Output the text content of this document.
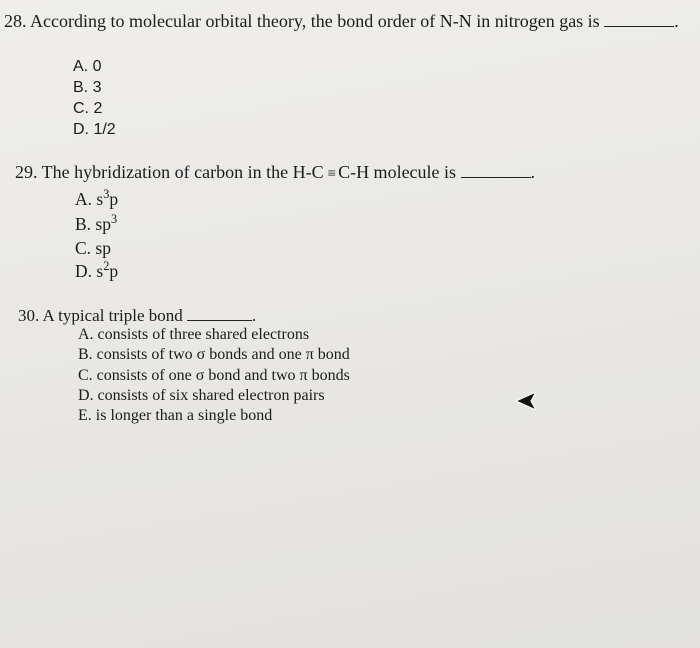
28. According to molecular orbital theory, the bond order of N-N in nitrogen gas is	.
A. 0
B. 3
C. 2
D. 1/2
29. The hybridization of carbon in the H-C ≡ C-H molecule is	.
A. $s^3p$
B. $sp^3$
C. sp
D. $s^2p$
30. A typical triple bond	.
A. consists of three shared electrons
B. consists of two σ bonds and one π bond
C. consists of one σ bond and two π bonds
D. consists of six shared electron pairs
E. is longer than a single bond
